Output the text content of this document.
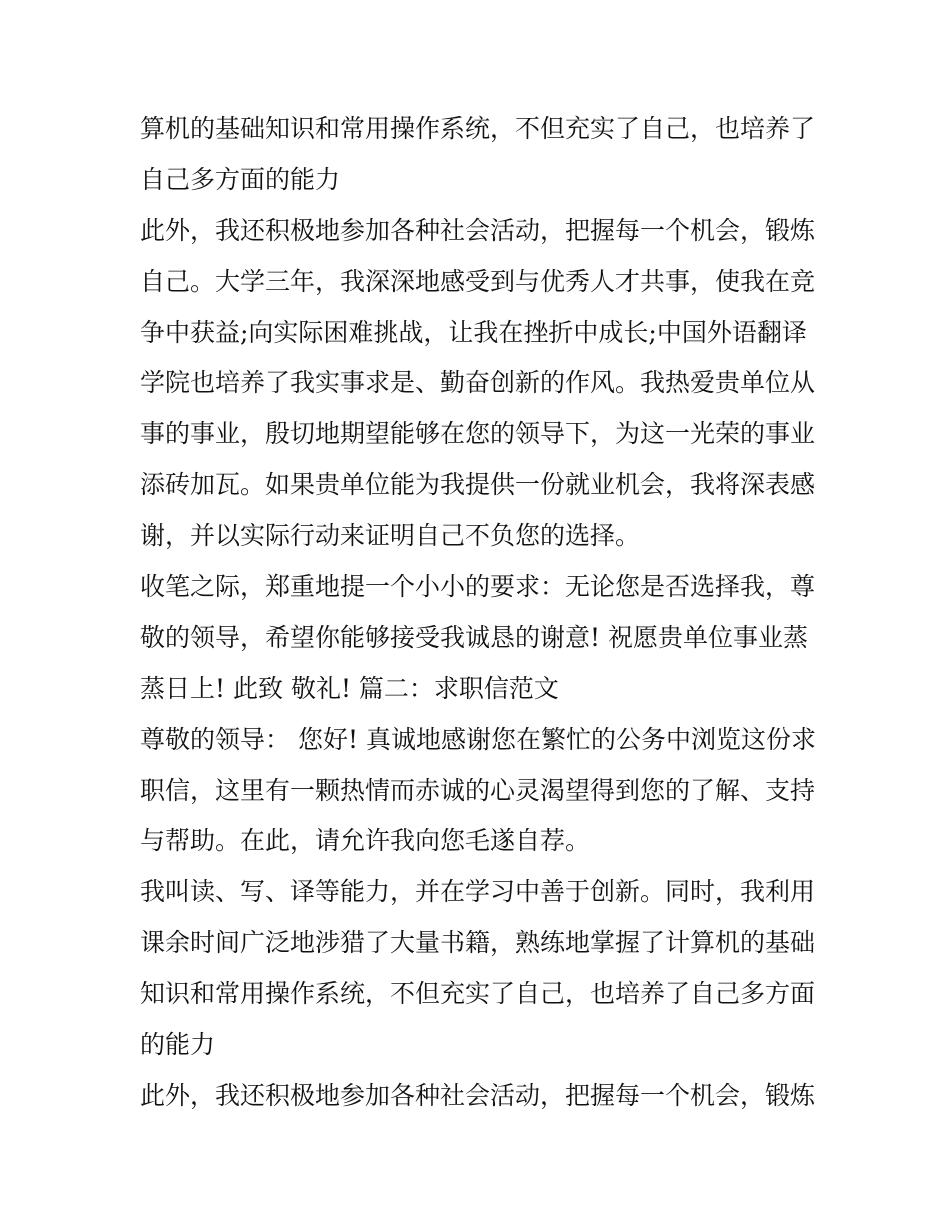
算机的基础知识和常用操作系统，不但充实了自己，也培养了
自己多方面的能力
此外，我还积极地参加各种社会活动，把握每一个机会，锻炼
自己。大学三年，我深深地感受到与优秀人才共事，使我在竞
争中获益;向实际困难挑战，让我在挫折中成长;中国外语翻译
学院也培养了我实事求是、勤奋创新的作风。我热爱贵单位从
事的事业，殷切地期望能够在您的领导下，为这一光荣的事业
添砖加瓦。如果贵单位能为我提供一份就业机会，我将深表感
谢，并以实际行动来证明自己不负您的选择。
收笔之际，郑重地提一个小小的要求：无论您是否选择我，尊
敬的领导，希望你能够接受我诚恳的谢意! 祝愿贵单位事业蒸
蒸日上! 此致 敬礼! 篇二：求职信范文
尊敬的领导： 您好! 真诚地感谢您在繁忙的公务中浏览这份求
职信，这里有一颗热情而赤诚的心灵渴望得到您的了解、支持
与帮助。在此，请允许我向您毛遂自荐。
我叫读、写、译等能力，并在学习中善于创新。同时，我利用
课余时间广泛地涉猎了大量书籍，熟练地掌握了计算机的基础
知识和常用操作系统，不但充实了自己，也培养了自己多方面
的能力
此外，我还积极地参加各种社会活动，把握每一个机会，锻炼
